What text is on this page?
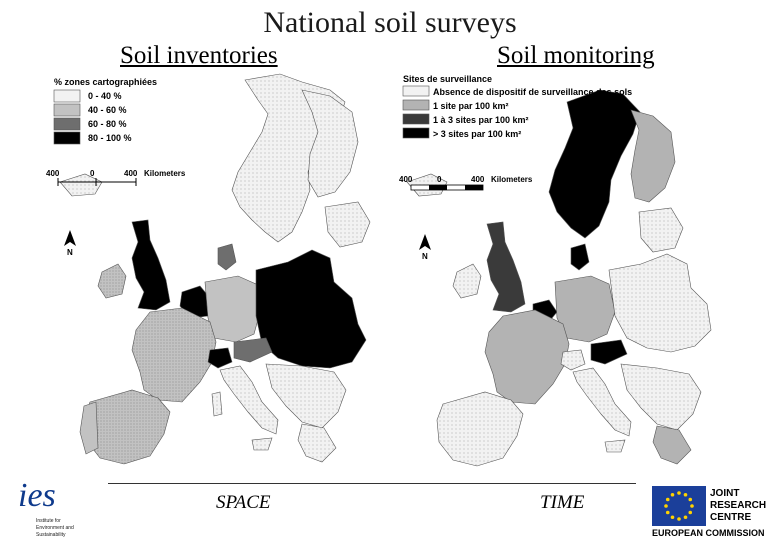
National soil surveys
Soil inventories	Soil monitoring
% zones cartographiées
0 - 40 %
40 - 60 %
60 - 80 %
80 - 100 %
400	0	400 Kilometers
N
Sites de surveillance
Absence de dispositif de surveillance des sols
1 site par 100 km²
1 à 3 sites par 100 km²
> 3 sites par 100 km²
400	0	400 Kilometers
N
SPACE	TIME
ies
Institute for
Environment and
Sustainability
JOINT
RESEARCH
CENTRE
EUROPEAN COMMISSION
